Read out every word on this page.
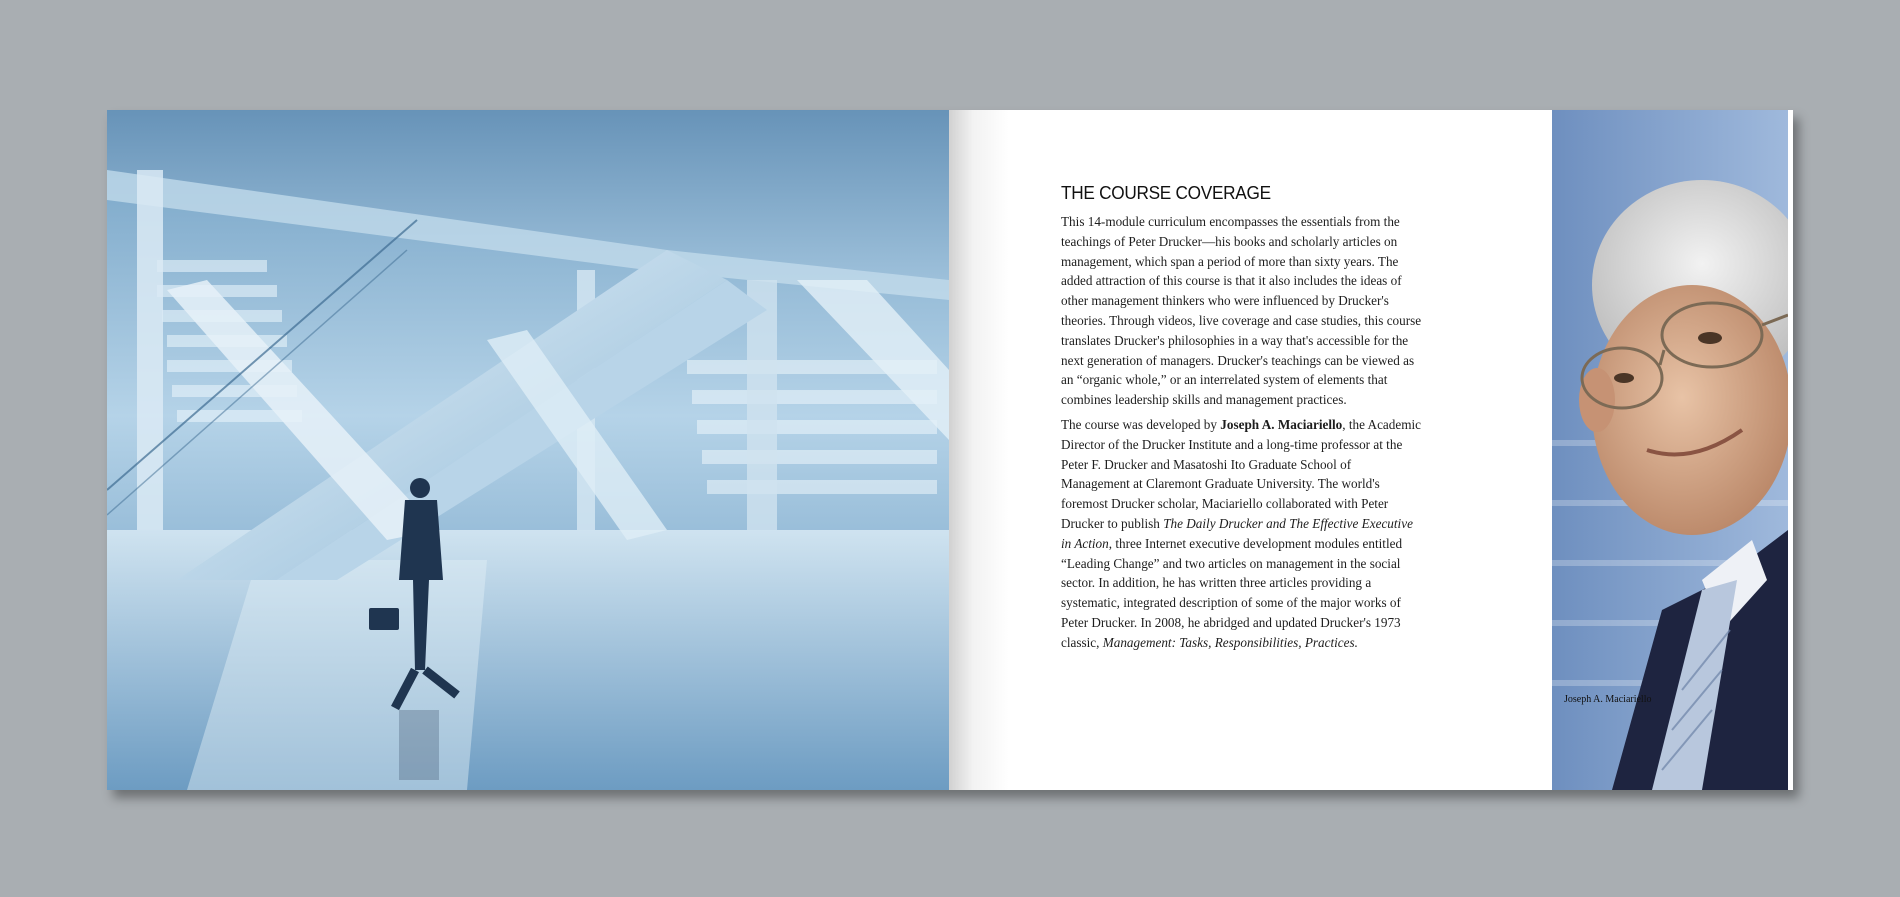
THE COURSE COVERAGE

This 14-module curriculum encompasses the essentials from the teachings of Peter Drucker—his books and scholarly articles on management, which span a period of more than sixty years. The added attraction of this course is that it also includes the ideas of other management thinkers who were influenced by Drucker's theories. Through videos, live coverage and case studies, this course translates Drucker's philosophies in a way that's accessible for the next generation of managers. Drucker's teachings can be viewed as an “organic whole,” or an interrelated system of elements that combines leadership skills and management practices.

The course was developed by Joseph A. Maciariello, the Academic Director of the Drucker Institute and a long-time professor at the Peter F. Drucker and Masatoshi Ito Graduate School of Management at Claremont Graduate University. The world's foremost Drucker scholar, Maciariello collaborated with Peter Drucker to publish The Daily Drucker and The Effective Executive in Action, three Internet executive development modules entitled “Leading Change” and two articles on management in the social sector. In addition, he has written three articles providing a systematic, integrated description of some of the major works of Peter Drucker. In 2008, he abridged and updated Drucker's 1973 classic, Management: Tasks, Responsibilities, Practices.

Joseph A. Maciariello
